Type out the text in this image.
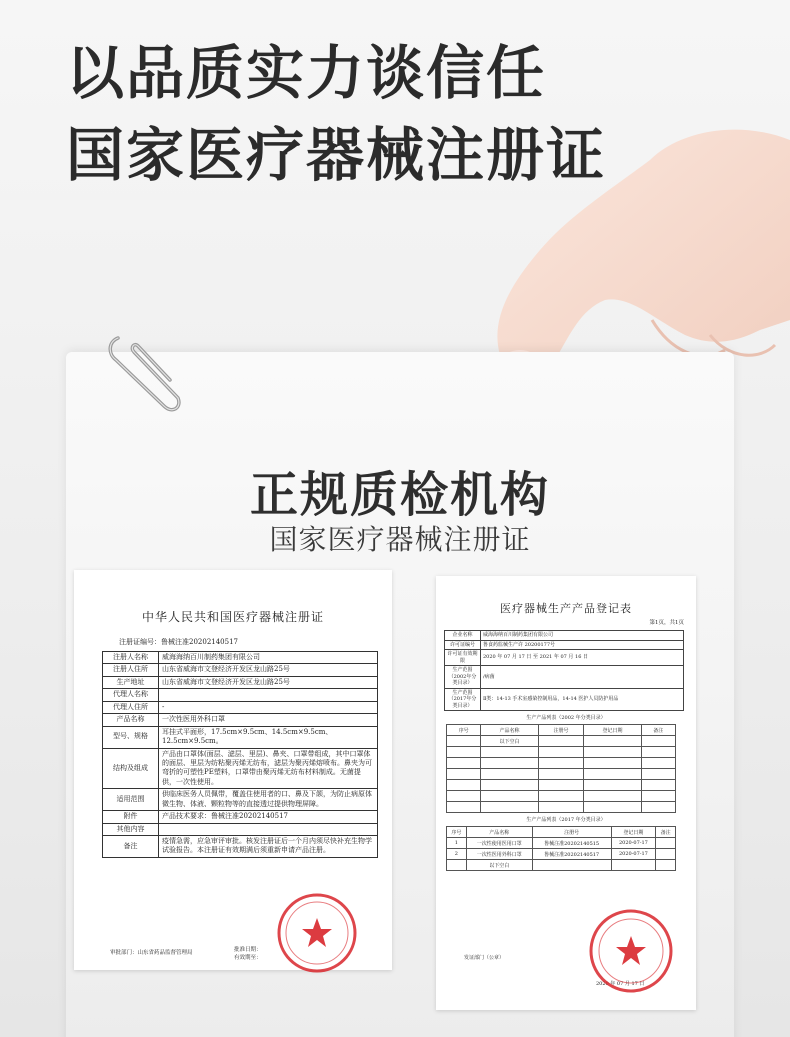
以品质实力谈信任
国家医疗器械注册证
正规质检机构
国家医疗器械注册证
中华人民共和国医疗器械注册证
注册证编号：鲁械注准20202140517
注册人名称	威海海纳百川制药集团有限公司
注册人住所	山东省威海市文登经济开发区龙山路25号
生产地址	山东省威海市文登经济开发区龙山路25号
代理人名称	
代理人住所	-
产品名称	一次性医用外科口罩
型号、规格	耳挂式平面形，17.5cm×9.5cm、14.5cm×9.5cm、12.5cm×9.5cm。
结构及组成	产品由口罩体(面层、滤层、里层)、鼻夹、口罩带组成，其中口罩体的面层、里层为纺粘聚丙烯无纺布，滤层为聚丙烯熔喷布。鼻夹为可弯折的可塑性PE塑料，口罩带由聚丙烯无纺布材料制成。无菌提供，一次性使用。
适用范围	供临床医务人员佩带，覆盖住使用者的口、鼻及下颌，为防止病原体微生物、体液、颗粒物等的直接透过提供物理屏障。
附件	产品技术要求：鲁械注准20202140517
其他内容	
备注	疫情急需，应急审评审批。核发注册证后一个月内须尽快补充生物学试验报告。本注册证有效期满后须重新申请产品注册。
审批部门：山东省药品监督管理局	批准日期：
有效期至：
医疗器械生产产品登记表
第1页，共1页
企业名称	威海海纳百川制药集团有限公司
许可证编号	鲁食药监械生产许 20200177号
许可证有效期限	2020 年 07 月 17 日 至 2021 年 07 月 16 日
生产范围（2002年分类目录）	/病菌
生产范围（2017年分类目录）	Ⅱ类：14-13 手术室感染控制用品，14-14 医护人员防护用品
生产产品列表（2002 年分类目录）
序号	产品名称	注册号	登记日期	备注
	以下空白			

生产产品列表（2017 年分类目录）
序号	产品名称	注册号	登记日期	备注
1	一次性使用医用口罩	鲁械注准20202140515	2020-07-17	
2	一次性医用外科口罩	鲁械注准20202140517	2020-07-17	
	以下空白			
发证部门（公章）
2020 年 07 月 17 日
